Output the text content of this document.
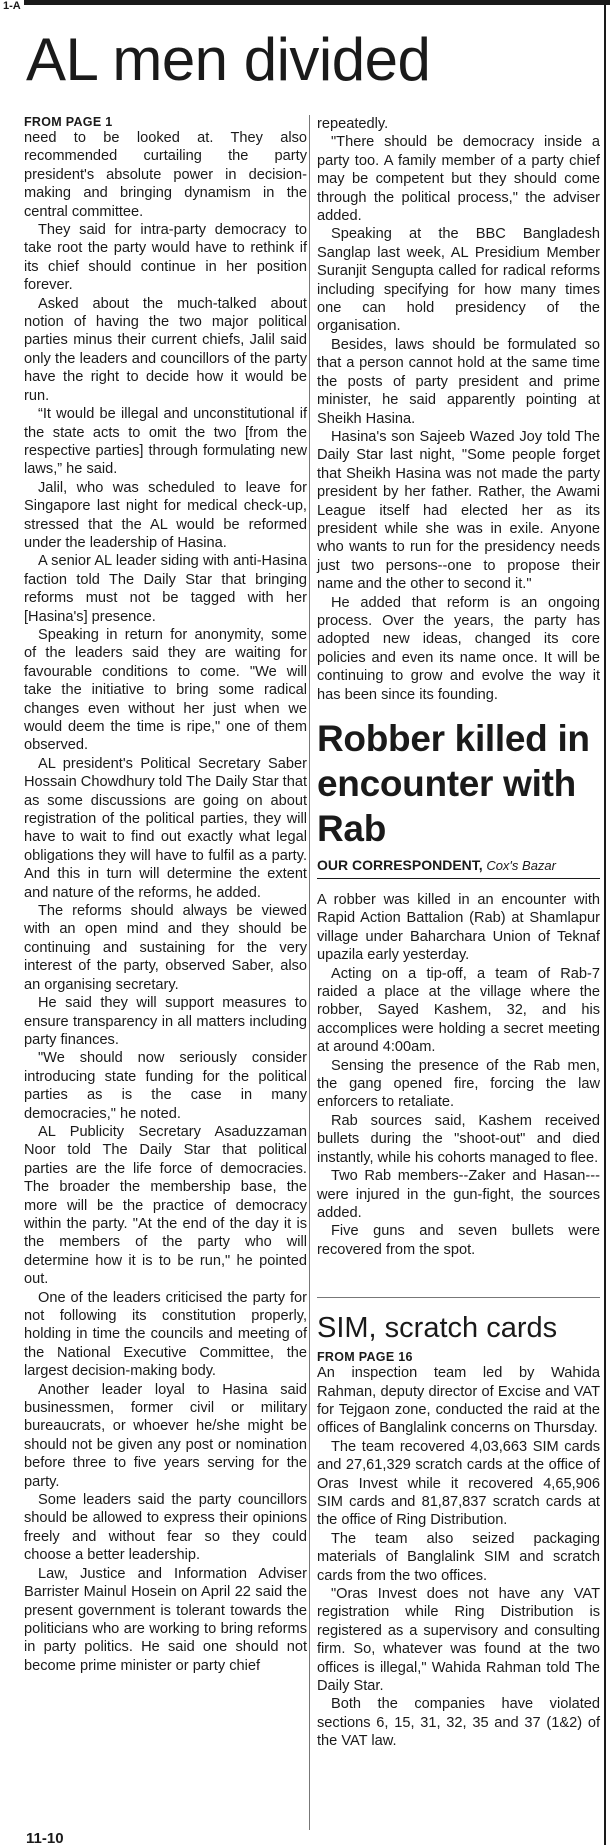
1-A
AL men divided
FROM PAGE 1

need to be looked at. They also recommended curtailing the party president's absolute power in decision-making and bringing dynamism in the central committee.

They said for intra-party democracy to take root the party would have to rethink if its chief should continue in her position forever.

Asked about the much-talked about notion of having the two major political parties minus their current chiefs, Jalil said only the leaders and councillors of the party have the right to decide how it would be run.

“It would be illegal and unconstitutional if the state acts to omit the two [from the respective parties] through formulating new laws,” he said.

Jalil, who was scheduled to leave for Singapore last night for medical check-up, stressed that the AL would be reformed under the leadership of Hasina.

A senior AL leader siding with anti-Hasina faction told The Daily Star that bringing reforms must not be tagged with her [Hasina's] presence.

Speaking in return for anonymity, some of the leaders said they are waiting for favourable conditions to come. "We will take the initiative to bring some radical changes even without her just when we would deem the time is ripe," one of them observed.

AL president's Political Secretary Saber Hossain Chowdhury told The Daily Star that as some discussions are going on about registration of the political parties, they will have to wait to find out exactly what legal obligations they will have to fulfil as a party. And this in turn will determine the extent and nature of the reforms, he added.

The reforms should always be viewed with an open mind and they should be continuing and sustaining for the very interest of the party, observed Saber, also an organising secretary.

He said they will support measures to ensure transparency in all matters including party finances.

"We should now seriously consider introducing state funding for the political parties as is the case in many democracies," he noted.

AL Publicity Secretary Asaduzzaman Noor told The Daily Star that political parties are the life force of democracies. The broader the membership base, the more will be the practice of democracy within the party. "At the end of the day it is the members of the party who will determine how it is to be run," he pointed out.

One of the leaders criticised the party for not following its constitution properly, holding in time the councils and meeting of the National Executive Committee, the largest decision-making body.

Another leader loyal to Hasina said businessmen, former civil or military bureaucrats, or whoever he/she might be should not be given any post or nomination before three to five years serving for the party.

Some leaders said the party councillors should be allowed to express their opinions freely and without fear so they could choose a better leadership.

Law, Justice and Information Adviser Barrister Mainul Hosein on April 22 said the present government is tolerant towards the politicians who are working to bring reforms in party politics. He said one should not become prime minister or party chief

repeatedly.

"There should be democracy inside a party too. A family member of a party chief may be competent but they should come through the political process," the adviser added.

Speaking at the BBC Bangladesh Sanglap last week, AL Presidium Member Suranjit Sengupta called for radical reforms including specifying for how many times one can hold presidency of the organisation.

Besides, laws should be formulated so that a person cannot hold at the same time the posts of party president and prime minister, he said apparently pointing at Sheikh Hasina.

Hasina's son Sajeeb Wazed Joy told The Daily Star last night, "Some people forget that Sheikh Hasina was not made the party president by her father. Rather, the Awami League itself had elected her as its president while she was in exile. Anyone who wants to run for the presidency needs just two persons--one to propose their name and the other to second it."

He added that reform is an ongoing process. Over the years, the party has adopted new ideas, changed its core policies and even its name once. It will be continuing to grow and evolve the way it has been since its founding.

Robber killed in encounter with Rab
OUR CORRESPONDENT, Cox's Bazar

A robber was killed in an encounter with Rapid Action Battalion (Rab) at Shamlapur village under Baharchara Union of Teknaf upazila early yesterday.

Acting on a tip-off, a team of Rab-7 raided a place at the village where the robber, Sayed Kashem, 32, and his accomplices were holding a secret meeting at around 4:00am.

Sensing the presence of the Rab men, the gang opened fire, forcing the law enforcers to retaliate.

Rab sources said, Kashem received bullets during the "shoot-out" and died instantly, while his cohorts managed to flee.

Two Rab members--Zaker and Hasan---were injured in the gun-fight, the sources added.

Five guns and seven bullets were recovered from the spot.

SIM, scratch cards
FROM PAGE 16

An inspection team led by Wahida Rahman, deputy director of Excise and VAT for Tejgaon zone, conducted the raid at the offices of Banglalink concerns on Thursday.

The team recovered 4,03,663 SIM cards and 27,61,329 scratch cards at the office of Oras Invest while it recovered 4,65,906 SIM cards and 81,87,837 scratch cards at the office of Ring Distribution.

The team also seized packaging materials of Banglalink SIM and scratch cards from the two offices.

"Oras Invest does not have any VAT registration while Ring Distribution is registered as a supervisory and consulting firm. So, whatever was found at the two offices is illegal," Wahida Rahman told The Daily Star.

Both the companies have violated sections 6, 15, 31, 32, 35 and 37 (1&2) of the VAT law.

11-10
